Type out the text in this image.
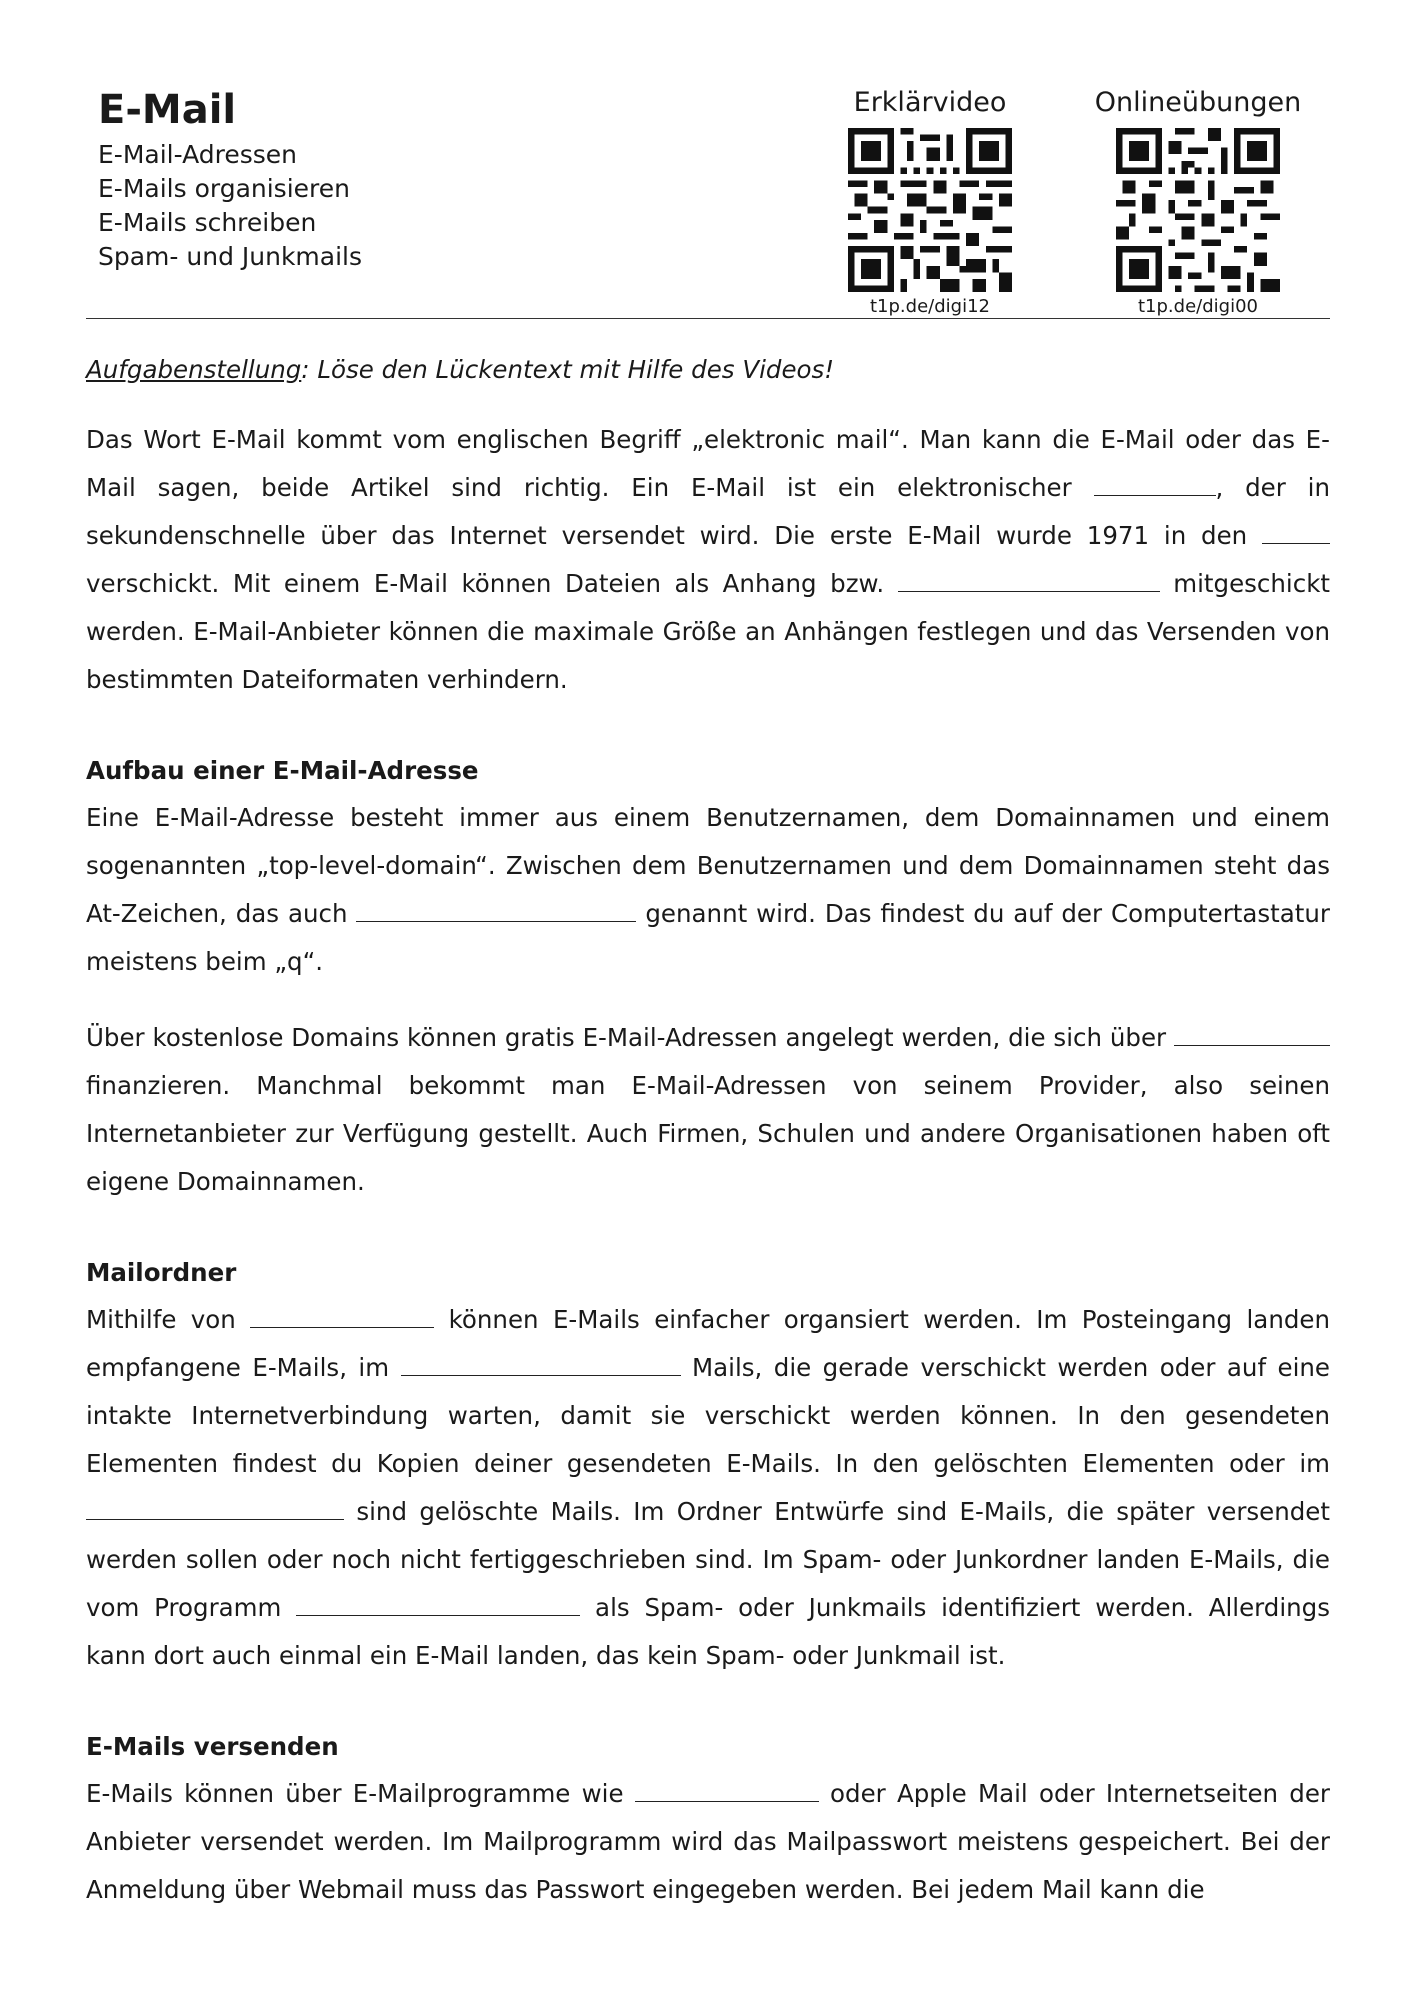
E-Mail
E-Mail-Adressen
E-Mails organisieren
E-Mails schreiben
Spam- und Junkmails
Erklärvideo
t1p.de/digi12
Onlineübungen
t1p.de/digi00

Aufgabenstellung: Löse den Lückentext mit Hilfe des Videos!

Das Wort E-Mail kommt vom englischen Begriff „elektronic mail“. Man kann die E-Mail oder das E-Mail sagen, beide Artikel sind richtig. Ein E-Mail ist ein elektronischer	, der in sekundenschnelle über das Internet versendet wird. Die erste E-Mail wurde 1971 in den  verschickt. Mit einem E-Mail können Dateien als Anhang bzw.	mitgeschickt werden. E-Mail-Anbieter können die maximale Größe an Anhängen festlegen und das Versenden von bestimmten Dateiformaten verhindern.

Aufbau einer E-Mail-Adresse

Eine E-Mail-Adresse besteht immer aus einem Benutzernamen, dem Domainnamen und einem sogenannten „top-level-domain“. Zwischen dem Benutzernamen und dem Domainnamen steht das At-Zeichen, das auch	genannt wird. Das findest du auf der Computertastatur meistens beim „q“.

Über kostenlose Domains können gratis E-Mail-Adressen angelegt werden, die sich über  finanzieren. Manchmal bekommt man E-Mail-Adressen von seinem Provider, also seinen Internetanbieter zur Verfügung gestellt. Auch Firmen, Schulen und andere Organisationen haben oft eigene Domainnamen.

Mailordner

Mithilfe von	können E-Mails einfacher organsiert werden. Im Posteingang landen empfangene E-Mails, im	Mails, die gerade verschickt werden oder auf eine intakte Internetverbindung warten, damit sie verschickt werden können. In den gesendeten Elementen findest du Kopien deiner gesendeten E-Mails. In den gelöschten Elementen oder im  sind gelöschte Mails. Im Ordner Entwürfe sind E-Mails, die später versendet werden sollen oder noch nicht fertiggeschrieben sind. Im Spam- oder Junkordner landen E-Mails, die vom Programm	als Spam- oder Junkmails identifiziert werden. Allerdings kann dort auch einmal ein E-Mail landen, das kein Spam- oder Junkmail ist.

E-Mails versenden

E-Mails können über E-Mailprogramme wie	oder Apple Mail oder Internetseiten der Anbieter versendet werden. Im Mailprogramm wird das Mailpasswort meistens gespeichert. Bei der Anmeldung über Webmail muss das Passwort eingegeben werden. Bei jedem Mail kann die
